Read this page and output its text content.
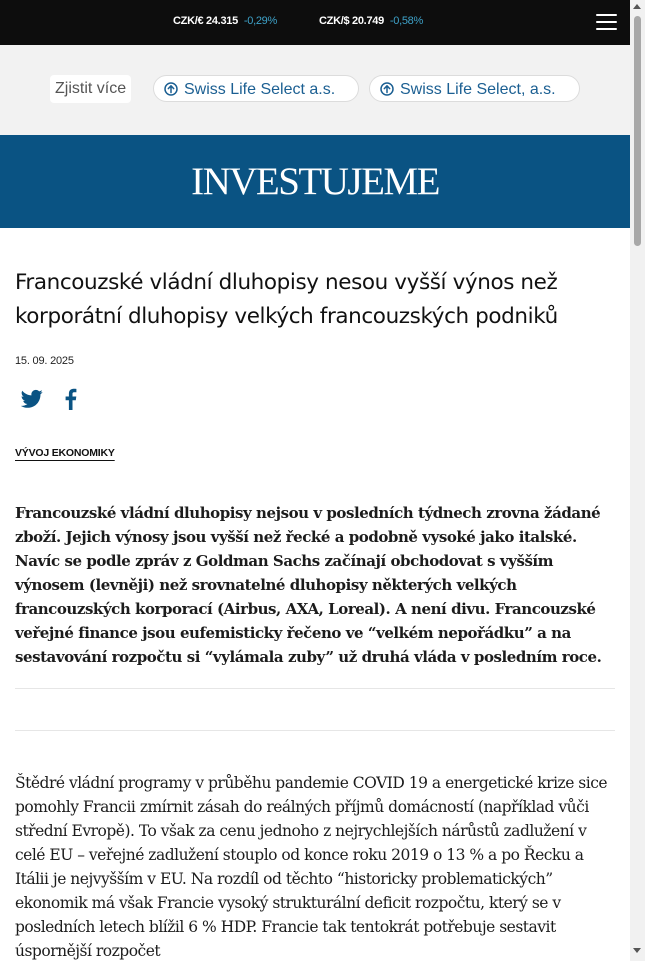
CZK/€ 24.315 -0,29%	CZK/$ 20.749 -0,58%
Zjistit více	Swiss Life Select a.s.	Swiss Life Select, a.s.
INVESTUJEME
Francouzské vládní dluhopisy nesou vyšší výnos než korporátní dluhopisy velkých francouzských podniků
15. 09. 2025
VÝVOJ EKONOMIKY

Francouzské vládní dluhopisy nejsou v posledních týdnech zrovna žádané zboží. Jejich výnosy jsou vyšší než řecké a podobně vysoké jako italské. Navíc se podle zpráv z Goldman Sachs začínají obchodovat s vyšším výnosem (levněji) než srovnatelné dluhopisy některých velkých francouzských korporací (Airbus, AXA, Loreal). A není divu. Francouzské veřejné finance jsou eufemisticky řečeno ve “velkém nepořádku” a na sestavování rozpočtu si “vylámala zuby” už druhá vláda v posledním roce.

Štědré vládní programy v průběhu pandemie COVID 19 a energetické krize sice pomohly Francii zmírnit zásah do reálných příjmů domácností (například vůči střední Evropě). To však za cenu jednoho z nejrychlejších nárůstů zadlužení v celé EU – veřejné zadlužení stouplo od konce roku 2019 o 13 % a po Řecku a Itálii je nejvyšším v EU. Na rozdíl od těchto “historicky problematických” ekonomik má však Francie vysoký strukturální deficit rozpočtu, který se v posledních letech blížil 6 % HDP. Francie tak tentokrát potřebuje sestavit úspornější rozpočet
